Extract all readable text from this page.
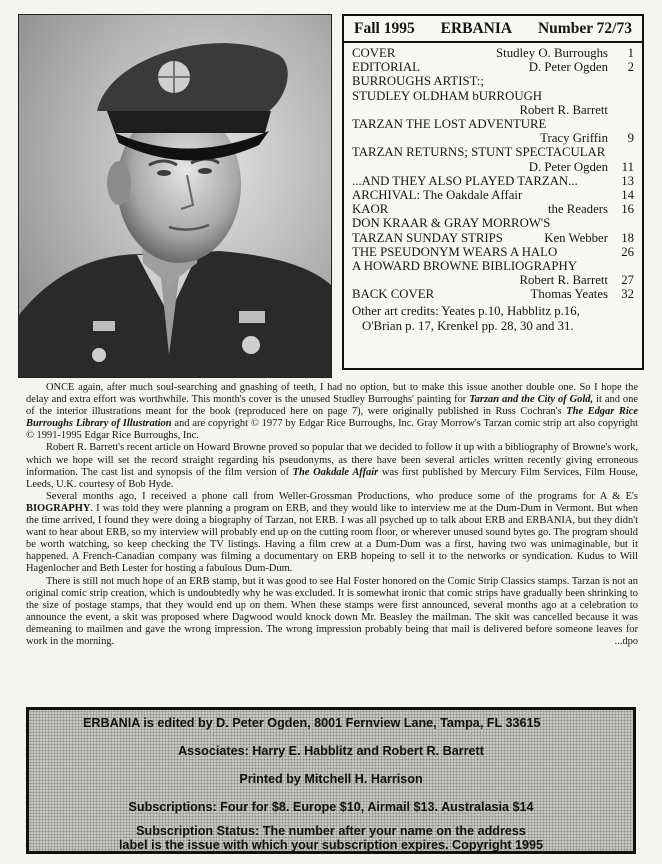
Fall 1995 ERBANIA Number 72/73
COVER	Studley O. Burroughs	1
EDITORIAL	D. Peter Ogden	2
BURROUGHS ARTIST:;
STUDLEY OLDHAM bURROUGH
Robert R. Barrett
TARZAN THE LOST ADVENTURE
Tracy Griffin	9
TARZAN RETURNS; STUNT SPECTACULAR
D. Peter Ogden	11
...AND THEY ALSO PLAYED TARZAN...	13
ARCHIVAL: The Oakdale Affair	14
KAOR	the Readers	16
DON KRAAR & GRAY MORROW'S
TARZAN SUNDAY STRIPS	Ken Webber	18
THE PSEUDONYM WEARS A HALO	26
A HOWARD BROWNE BIBLIOGRAPHY
Robert R. Barrett	27
BACK COVER	Thomas Yeates	32
Other art credits: Yeates p.10, Habblitz p.16,
O'Brian p. 17, Krenkel pp. 28, 30 and 31.

ONCE again, after much soul-searching and gnashing of teeth, I had no option, but to make this issue another double one. So I hope the delay and extra effort was worthwhile. This month's cover is the unused Studley Burroughs' painting for Tarzan and the City of Gold, it and one of the interior illustrations meant for the book (reproduced here on page 7), were originally published in Russ Cochran's The Edgar Rice Burroughs Library of Illustration and are copyright © 1977 by Edgar Rice Burroughs, Inc. Gray Morrow's Tarzan comic strip art also copyright © 1991-1995 Edgar Rice Burroughs, Inc.

Robert R. Barrett's recent article on Howard Browne proved so popular that we decided to follow it up with a bibliography of Browne's work, which we hope will set the record straight regarding his pseudonyms, as there have been several articles written recently giving erroneous information. The cast list and synopsis of the film version of The Oakdale Affair was first published by Mercury Film Services, Film House, Leeds, U.K. courtesy of Bob Hyde.

Several months ago, I received a phone call from Weller-Grossman Productions, who produce some of the programs for A & E's BIOGRAPHY. I was told they were planning a program on ERB, and they would like to interview me at the Dum-Dum in Vermont. But when the time arrived, I found they were doing a biography of Tarzan, not ERB. I was all psyched up to talk about ERB and ERBANIA, but they didn't want to hear about ERB, so my interview will probably end up on the cutting room floor, or wherever unused sound bytes go. The program should be worth watching, so keep checking the TV listings. Having a film crew at a Dum-Dum was a first, having two was unimaginable, but it happened. A French-Canadian company was filming a documentary on ERB hopeing to sell it to the networks or syndication. Kudus to Will Hagenlocher and Beth Lester for hosting a fabulous Dum-Dum.

There is still not much hope of an ERB stamp, but it was good to see Hal Foster honored on the Comic Strip Classics stamps. Tarzan is not an original comic strip creation, which is undoubtedly why he was excluded. It is somewhat ironic that comic strips have gradually been shrinking to the size of postage stamps, that they would end up on them. When these stamps were first announced, several months ago at a celebration to announce the event, a skit was proposed where Dagwood would knock down Mr. Beasley the mailman. The skit was cancelled because it was demeaning to mailmen and gave the wrong impression. The wrong impression probably being that mail is delivered before someone leaves for work in the morning.	...dpo

ERBANIA is edited by D. Peter Ogden, 8001 Fernview Lane, Tampa, FL 33615
Associates: Harry E. Habblitz and Robert R. Barrett
Printed by Mitchell H. Harrison
Subscriptions: Four for $8. Europe $10, Airmail $13. Australasia $14
Subscription Status: The number after your name on the address
label is the issue with which your subscription expires. Copyright 1995
